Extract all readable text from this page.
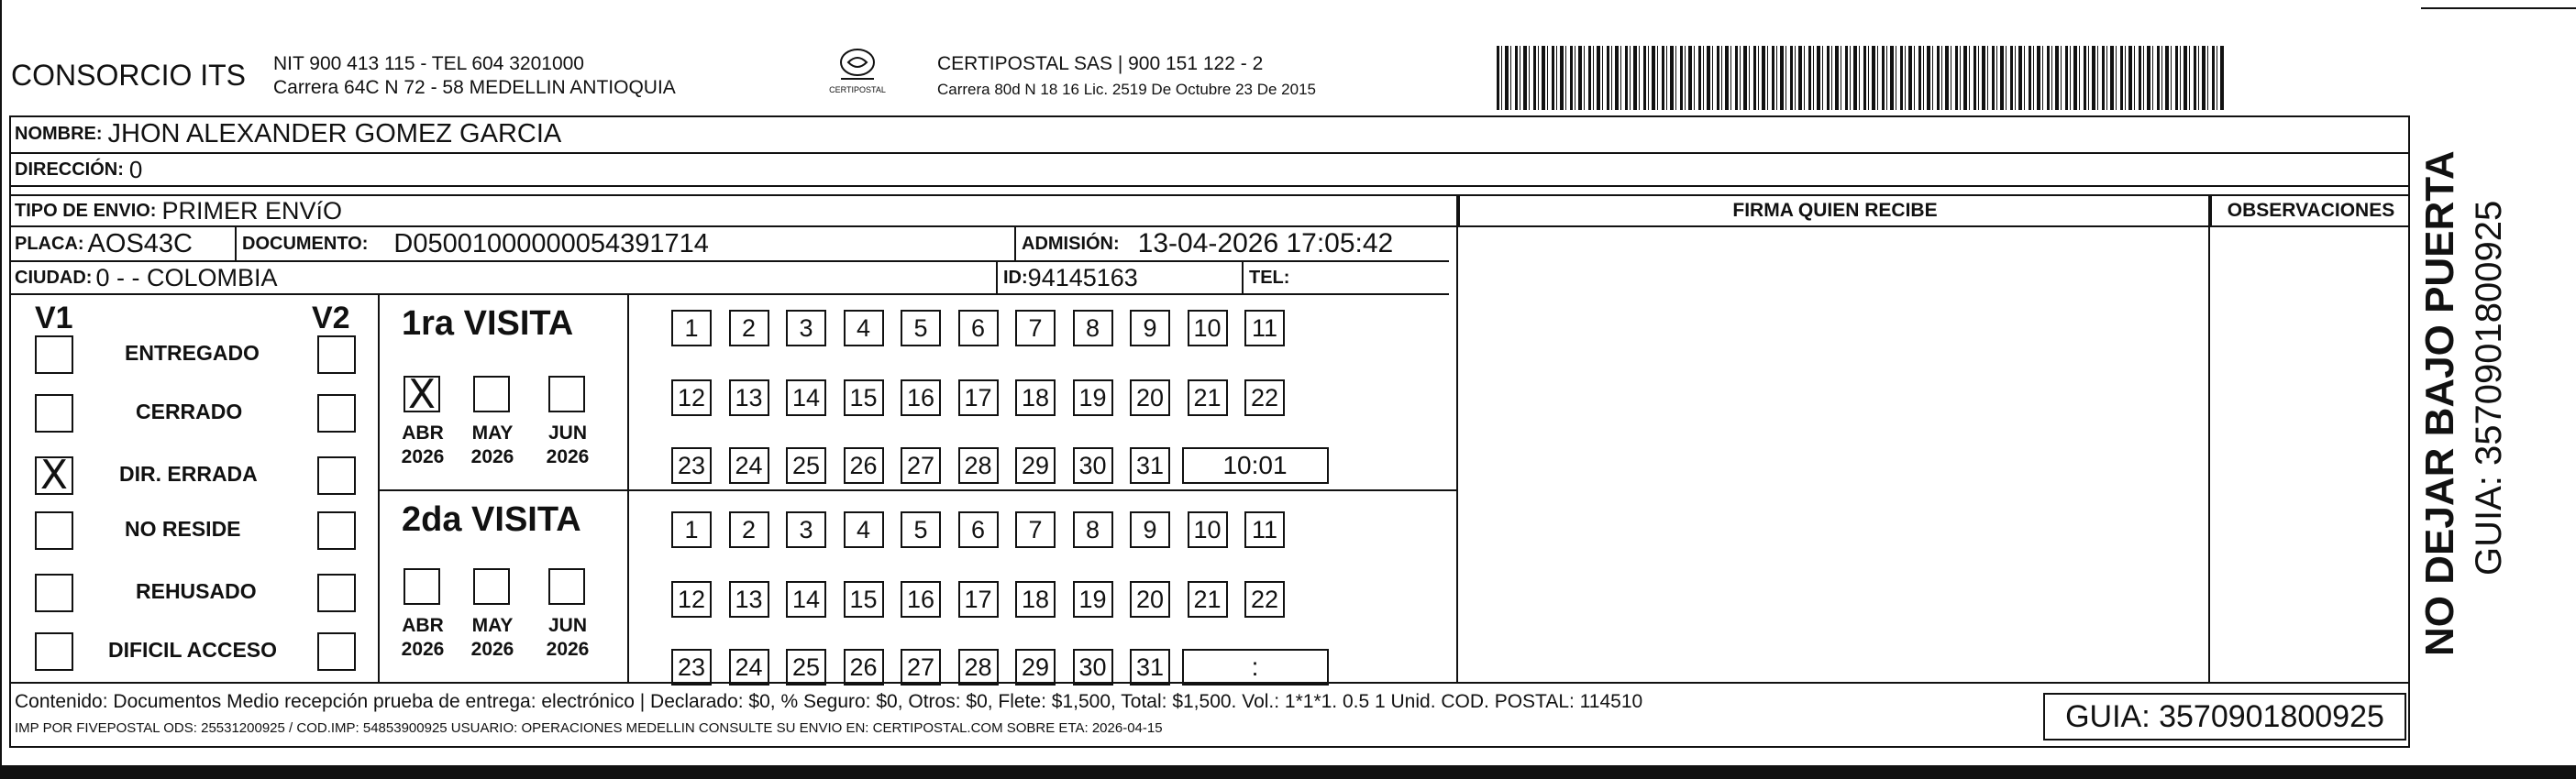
CONSORCIO ITS NIT 900 413 115 - TEL 604 3201000
Carrera 64C N 72 - 58 MEDELLIN ANTIOQUIA	CERTIPOSTAL
CERTIPOSTAL SAS | 900 151 122 - 2
Carrera 80d N 18 16 Lic. 2519 De Octubre 23 De 2015
NOMBRE: JHON ALEXANDER GOMEZ GARCIA
DIRECCIÓN: 0
TIPO DE ENVIO: PRIMER ENVíO	FIRMA QUIEN RECIBE	OBSERVACIONES
PLACA: AOS43C	DOCUMENTO: D05001000000054391714	ADMISIÓN: 13-04-2026 17:05:42
CIUDAD: 0 - - COLOMBIA	ID: 94145163	TEL:
V1	V2
ENTREGADO
CERRADO
X DIR. ERRADA
NO RESIDE
REHUSADO
DIFICIL ACCESO
1ra VISITA
X
ABR
2026
MAY
2026
JUN
2026
1	2	3	4	5	6	7	8	9	10 11
12 13 14 15 16 17 18 19 20 21 22
23 24 25 26 27 28 29 30 31	10:01
2da VISITA
ABR
2026
MAY
2026
JUN
2026
1	2	3	4	5	6	7	8	9	10 11
12 13 14 15 16 17 18 19 20 21 22
23 24 25 26 27 28 29 30 31	:
Contenido: Documentos Medio recepción prueba de entrega: electrónico | Declarado: $0, % Seguro: $0, Otros: $0, Flete: $1,500, Total: $1,500. Vol.: 1*1*1. 0.5 1 Unid. COD. POSTAL: 114510
IMP POR FIVEPOSTAL ODS: 25531200925 / COD.IMP: 54853900925 USUARIO: OPERACIONES MEDELLIN CONSULTE SU ENVIO EN: CERTIPOSTAL.COM SOBRE ETA: 2026-04-15	GUIA: 3570901800925
NO DEJAR BAJO PUERTA GUIA: 3570901800925
